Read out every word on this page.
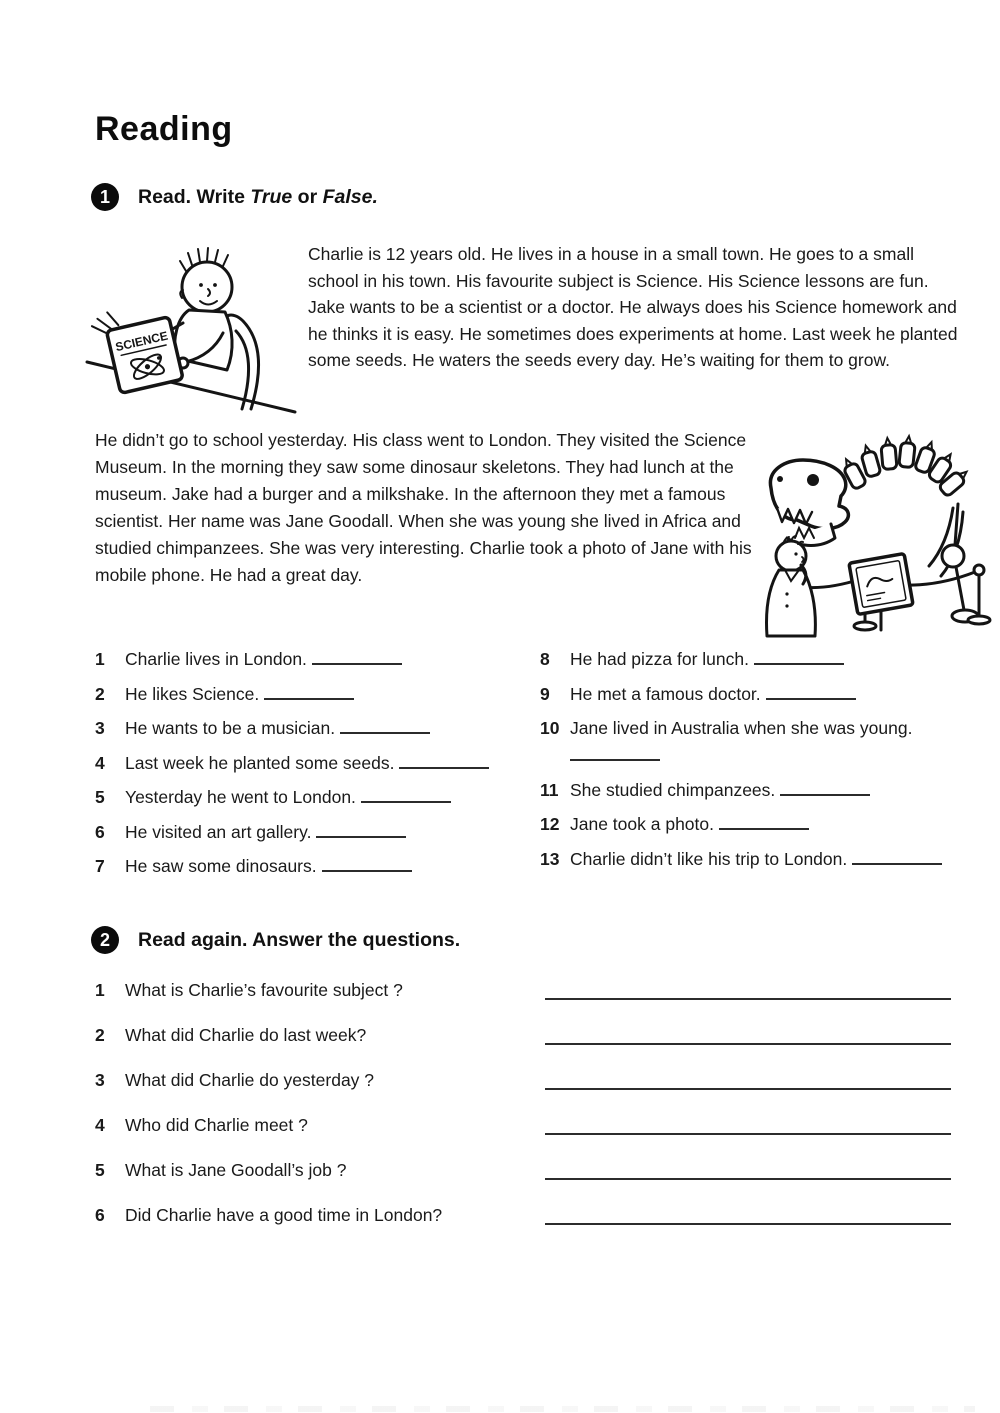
Reading
1	Read. Write True or False.
SCIENCE
Charlie is 12 years old. He lives in a house in a small town. He goes to a small school in his town. His favourite subject is Science. His Science lessons are fun. Jake wants to be a scientist or a doctor. He always does his Science homework and he thinks it is easy. He sometimes does experiments at home. Last week he planted some seeds. He waters the seeds every day. He’s waiting for them to grow.
He didn’t go to school yesterday. His class went to London. They visited the Science Museum. In the morning they saw some dinosaur skeletons. They had lunch at the museum. Jake had a burger and a milkshake. In the afternoon they met a famous scientist. Her name was Jane Goodall. When she was young she lived in Africa and studied chimpanzees. She was very interesting. Charlie took a photo of Jane with his mobile phone. He had a great day.
1	Charlie lives in London.
2	He likes Science.
3	He wants to be a musician.
4	Last week he planted some seeds.
5	Yesterday he went to London.
6	He visited an art gallery.
7	He saw some dinosaurs.
8	He had pizza for lunch.
9	He met a famous doctor.
10 Jane lived in Australia when she was young.
11 She studied chimpanzees.
12 Jane took a photo.
13 Charlie didn’t like his trip to London.
2	Read again. Answer the questions.
1	What is Charlie’s favourite subject ?
2	What did Charlie do last week?
3	What did Charlie do yesterday ?
4	Who did Charlie meet ?
5	What is Jane Goodall’s job ?
6	Did Charlie have a good time in London?
